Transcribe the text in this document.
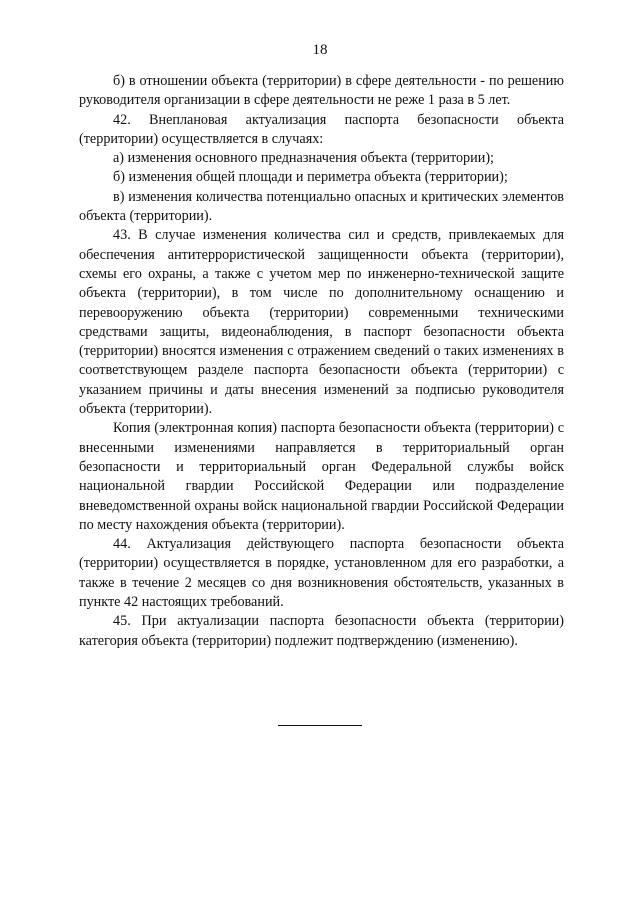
18

б) в отношении объекта (территории) в сфере деятельности - по решению руководителя организации в сфере деятельности не реже 1 раза в 5 лет.

42. Внеплановая актуализация паспорта безопасности объекта (территории) осуществляется в случаях:

а) изменения основного предназначения объекта (территории);

б) изменения общей площади и периметра объекта (территории);

в) изменения количества потенциально опасных и критических элементов объекта (территории).

43. В случае изменения количества сил и средств, привлекаемых для обеспечения антитеррористической защищенности объекта (территории), схемы его охраны, а также с учетом мер по инженерно-технической защите объекта (территории), в том числе по дополнительному оснащению и перевооружению объекта (территории) современными техническими средствами защиты, видеонаблюдения, в паспорт безопасности объекта (территории) вносятся изменения с отражением сведений о таких изменениях в соответствующем разделе паспорта безопасности объекта (территории) с указанием причины и даты внесения изменений за подписью руководителя объекта (территории).

Копия (электронная копия) паспорта безопасности объекта (территории) с внесенными изменениями направляется в территориальный орган безопасности и территориальный орган Федеральной службы войск национальной гвардии Российской Федерации или подразделение вневедомственной охраны войск национальной гвардии Российской Федерации по месту нахождения объекта (территории).

44. Актуализация действующего паспорта безопасности объекта (территории) осуществляется в порядке, установленном для его разработки, а также в течение 2 месяцев со дня возникновения обстоятельств, указанных в пункте 42 настоящих требований.

45. При актуализации паспорта безопасности объекта (территории) категория объекта (территории) подлежит подтверждению (изменению).
